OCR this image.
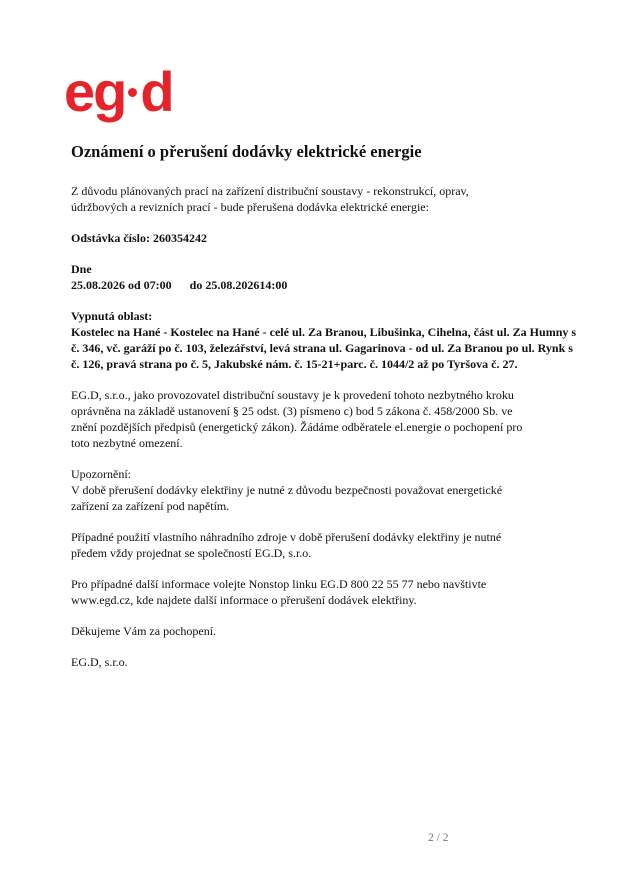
eg d
Oznámení o přerušení dodávky elektrické energie

Z důvodu plánovaných prací na zařízení distribuční soustavy - rekonstrukcí, oprav,

údržbových a revizních prací - bude přerušena dodávka elektrické energie:

Odstávka číslo: 260354242

Dne

25.08.2026 od 07:00 do 25.08.202614:00

Vypnutá oblast:

Kostelec na Hané - Kostelec na Hané - celé ul. Za Branou, Libušinka, Cihelna, část ul. Za Humny s

č. 346, vč. garáží po č. 103, železářství, levá strana ul. Gagarinova - od ul. Za Branou po ul. Rynk s

č. 126, pravá strana po č. 5, Jakubské nám. č. 15-21+parc. č. 1044/2 až po Tyršova č. 27.

EG.D, s.r.o., jako provozovatel distribuční soustavy je k provedení tohoto nezbytného kroku

oprávněna na základě ustanovení § 25 odst. (3) písmeno c) bod 5 zákona č. 458/2000 Sb. ve

znění pozdějších předpisů (energetický zákon). Žádáme odběratele el.energie o pochopení pro

toto nezbytné omezení.

Upozornění:

V době přerušení dodávky elektřiny je nutné z důvodu bezpečnosti považovat energetické

zařízení za zařízení pod napětím.

Případné použití vlastního náhradního zdroje v době přerušení dodávky elektřiny je nutné

předem vždy projednat se společností EG.D, s.r.o.

Pro případné další informace volejte Nonstop linku EG.D 800 22 55 77 nebo navštivte

www.egd.cz, kde najdete další informace o přerušení dodávek elektřiny.

Děkujeme Vám za pochopení.

EG.D, s.r.o.

2 / 2
